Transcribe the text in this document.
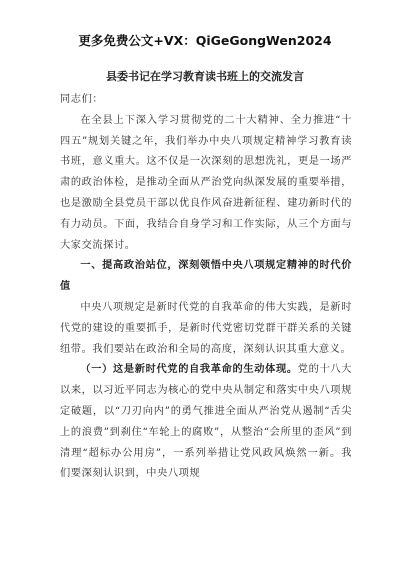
更多免费公文+VX：QiGeGongWen2024
县委书记在学习教育读书班上的交流发言

同志们：

在全县上下深入学习贯彻党的二十大精神、全力推进“十四五”规划关键之年，我们举办中央八项规定精神学习教育读书班，意义重大。这不仅是一次深刻的思想洗礼，更是一场严肃的政治体检，是推动全面从严治党向纵深发展的重要举措，也是激励全县党员干部以优良作风奋进新征程、建功新时代的有力动员。下面，我结合自身学习和工作实际，从三个方面与大家交流探讨。

一、提高政治站位，深刻领悟中央八项规定精神的时代价值

中央八项规定是新时代党的自我革命的伟大实践，是新时代党的建设的重要抓手，是新时代党密切党群干群关系的关键纽带。我们要站在政治和全局的高度，深刻认识其重大意义。

（一）这是新时代党的自我革命的生动体现。党的十八大以来，以习近平同志为核心的党中央从制定和落实中央八项规定破题，以“刀刃向内”的勇气推进全面从严治党从遏制“舌尖上的浪费”到刹住“车轮上的腐败”，从整治“会所里的歪风”到清理“超标办公用房”，一系列举措让党风政风焕然一新。我们要深刻认识到，中央八项规
